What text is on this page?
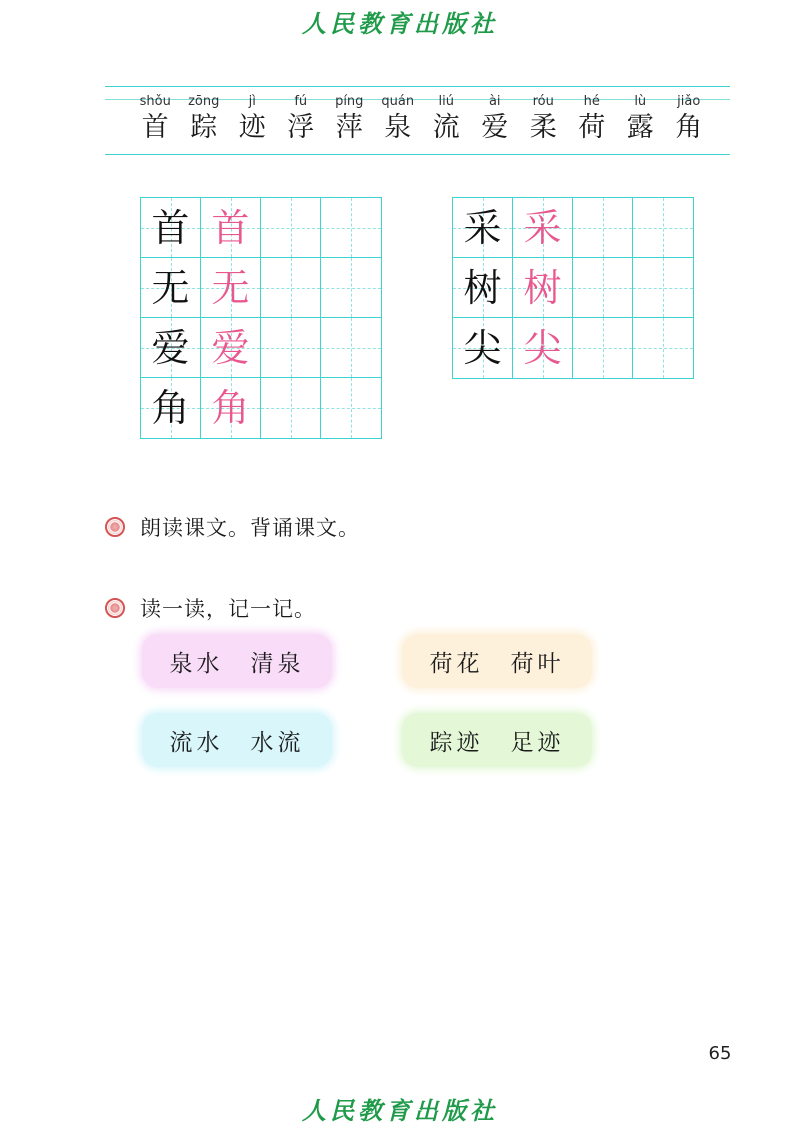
人民教育出版社
shǒu
首
zōng
踪
jì
迹
fú
浮
píng
萍
quán
泉
liú
流
ài
爱
róu
柔
hé
荷
lù
露
jiǎo
角
首 首
无 无
爱 爱
角 角
采 采
树 树
尖 尖
朗读课文。背诵课文。
读一读，记一记。
泉水 清泉	荷花 荷叶
流水 水流	踪迹 足迹
65
人民教育出版社
